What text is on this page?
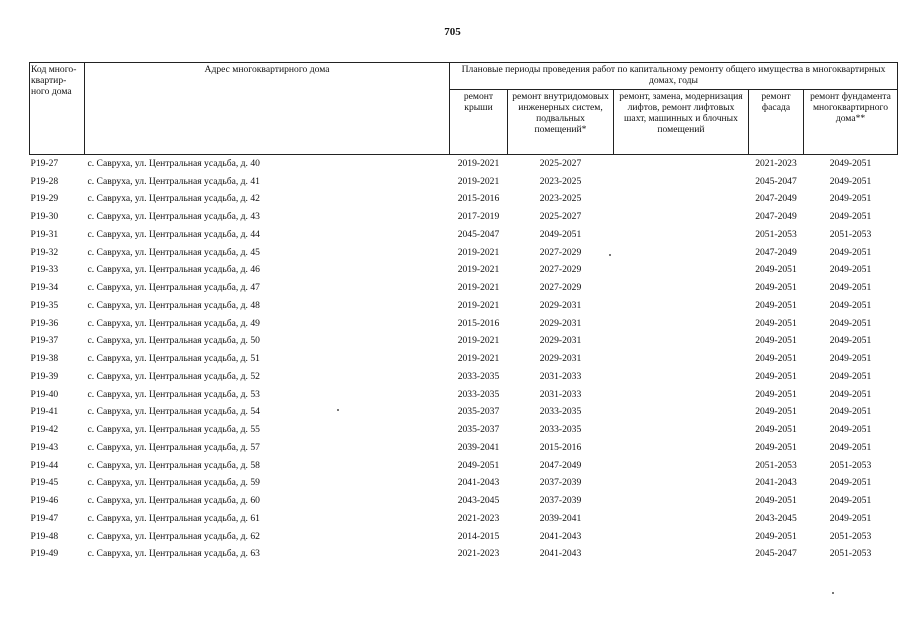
705
Код много-квартир-ного дома	Адрес многоквартирного дома	Плановые периоды проведения работ по капитальному ремонту общего имущества в многоквартирных домах, годы				
		ремонт крыши	ремонт внутридомовых инженерных систем, подвальных помещений*	ремонт, замена, модернизация лифтов, ремонт лифтовых шахт, машинных и блочных помещений	ремонт фасада	ремонт фундамента многоквартирного дома**
P19-27	с. Савруха, ул. Центральная усадьба, д. 40	2019-2021	2025-2027		2021-2023	2049-2051
P19-28	с. Савруха, ул. Центральная усадьба, д. 41	2019-2021	2023-2025		2045-2047	2049-2051
P19-29	с. Савруха, ул. Центральная усадьба, д. 42	2015-2016	2023-2025		2047-2049	2049-2051
P19-30	с. Савруха, ул. Центральная усадьба, д. 43	2017-2019	2025-2027		2047-2049	2049-2051
P19-31	с. Савруха, ул. Центральная усадьба, д. 44	2045-2047	2049-2051		2051-2053	2051-2053
P19-32	с. Савруха, ул. Центральная усадьба, д. 45	2019-2021	2027-2029		2047-2049	2049-2051
P19-33	с. Савруха, ул. Центральная усадьба, д. 46	2019-2021	2027-2029		2049-2051	2049-2051
P19-34	с. Савруха, ул. Центральная усадьба, д. 47	2019-2021	2027-2029		2049-2051	2049-2051
P19-35	с. Савруха, ул. Центральная усадьба, д. 48	2019-2021	2029-2031		2049-2051	2049-2051
P19-36	с. Савруха, ул. Центральная усадьба, д. 49	2015-2016	2029-2031		2049-2051	2049-2051
P19-37	с. Савруха, ул. Центральная усадьба, д. 50	2019-2021	2029-2031		2049-2051	2049-2051
P19-38	с. Савруха, ул. Центральная усадьба, д. 51	2019-2021	2029-2031		2049-2051	2049-2051
P19-39	с. Савруха, ул. Центральная усадьба, д. 52	2033-2035	2031-2033		2049-2051	2049-2051
P19-40	с. Савруха, ул. Центральная усадьба, д. 53	2033-2035	2031-2033		2049-2051	2049-2051
P19-41	с. Савруха, ул. Центральная усадьба, д. 54	2035-2037	2033-2035		2049-2051	2049-2051
P19-42	с. Савруха, ул. Центральная усадьба, д. 55	2035-2037	2033-2035		2049-2051	2049-2051
P19-43	с. Савруха, ул. Центральная усадьба, д. 57	2039-2041	2015-2016		2049-2051	2049-2051
P19-44	с. Савруха, ул. Центральная усадьба, д. 58	2049-2051	2047-2049		2051-2053	2051-2053
P19-45	с. Савруха, ул. Центральная усадьба, д. 59	2041-2043	2037-2039		2041-2043	2049-2051
P19-46	с. Савруха, ул. Центральная усадьба, д. 60	2043-2045	2037-2039		2049-2051	2049-2051
P19-47	с. Савруха, ул. Центральная усадьба, д. 61	2021-2023	2039-2041		2043-2045	2049-2051
P19-48	с. Савруха, ул. Центральная усадьба, д. 62	2014-2015	2041-2043		2049-2051	2051-2053
P19-49	с. Савруха, ул. Центральная усадьба, д. 63	2021-2023	2041-2043		2045-2047	2051-2053
